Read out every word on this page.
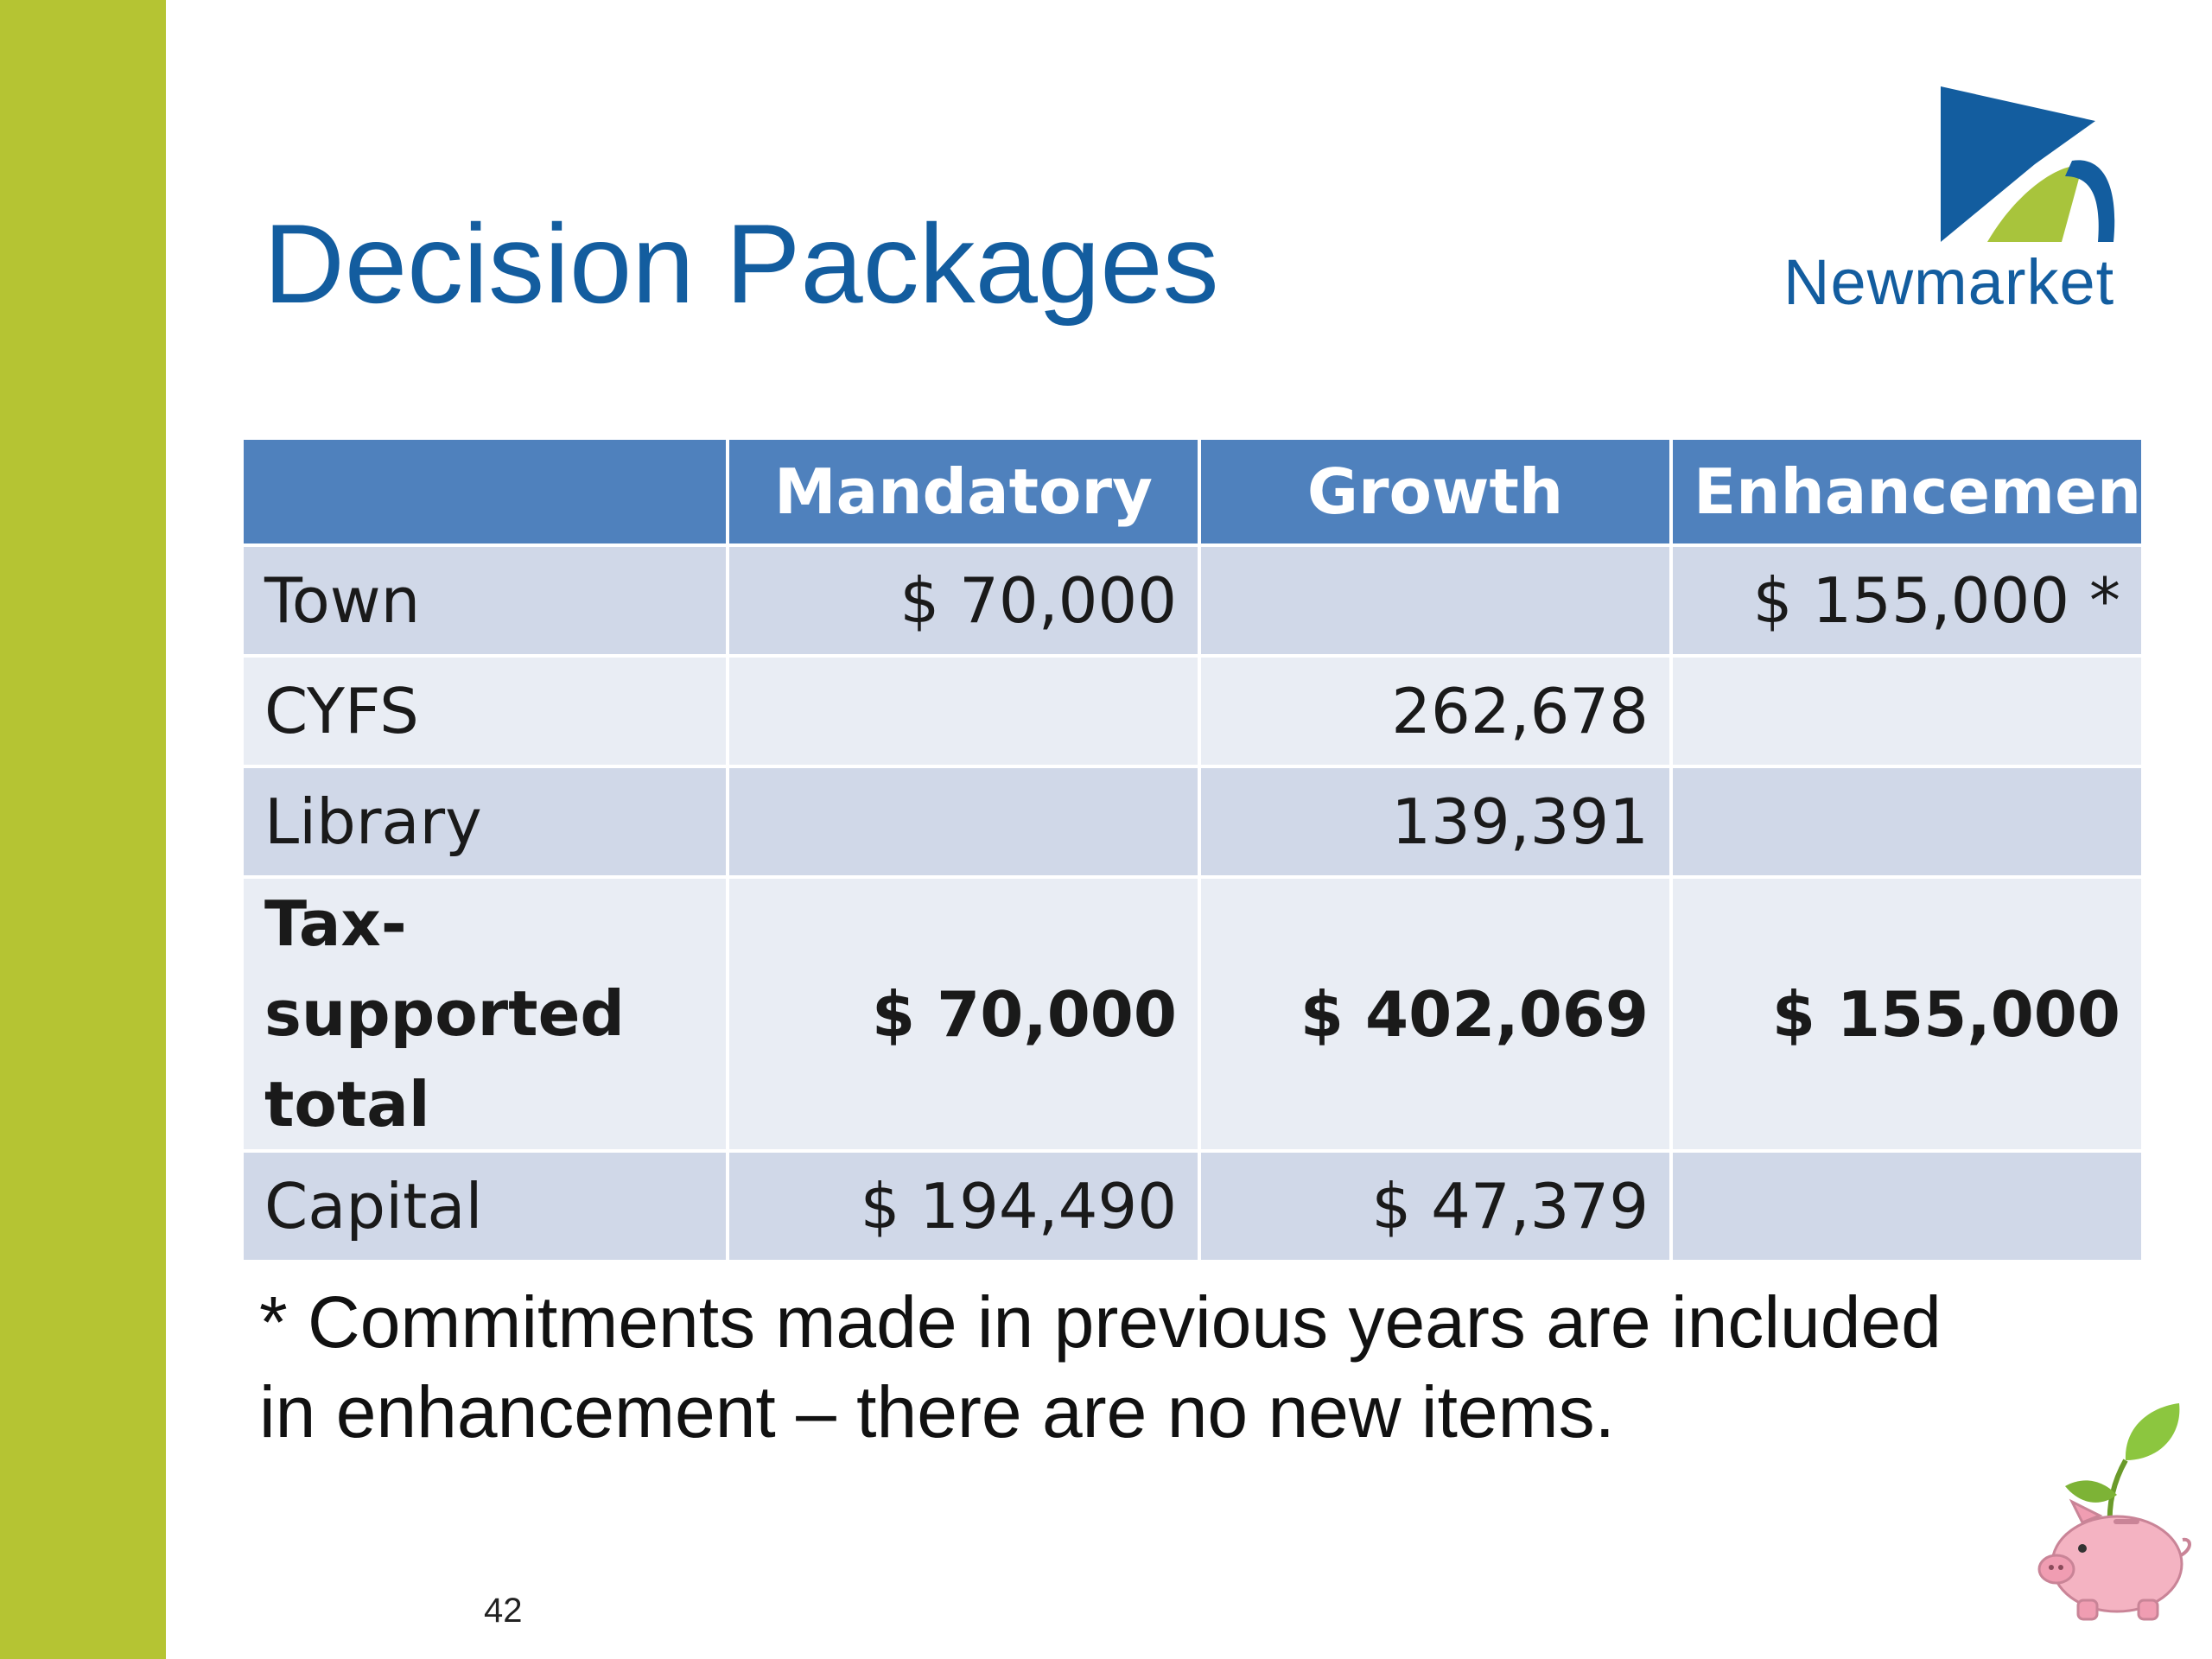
Decision Packages	Newmarket
	Mandatory	Growth	Enhancement
Town	$ 70,000		$ 155,000 *
CYFS		262,678	
Library		139,391	
Tax-supported total	$ 70,000	$ 402,069	$ 155,000
Capital	$ 194,490	$ 47,379	
* Commitments made in previous years are included in enhancement – there are no new items.
42
